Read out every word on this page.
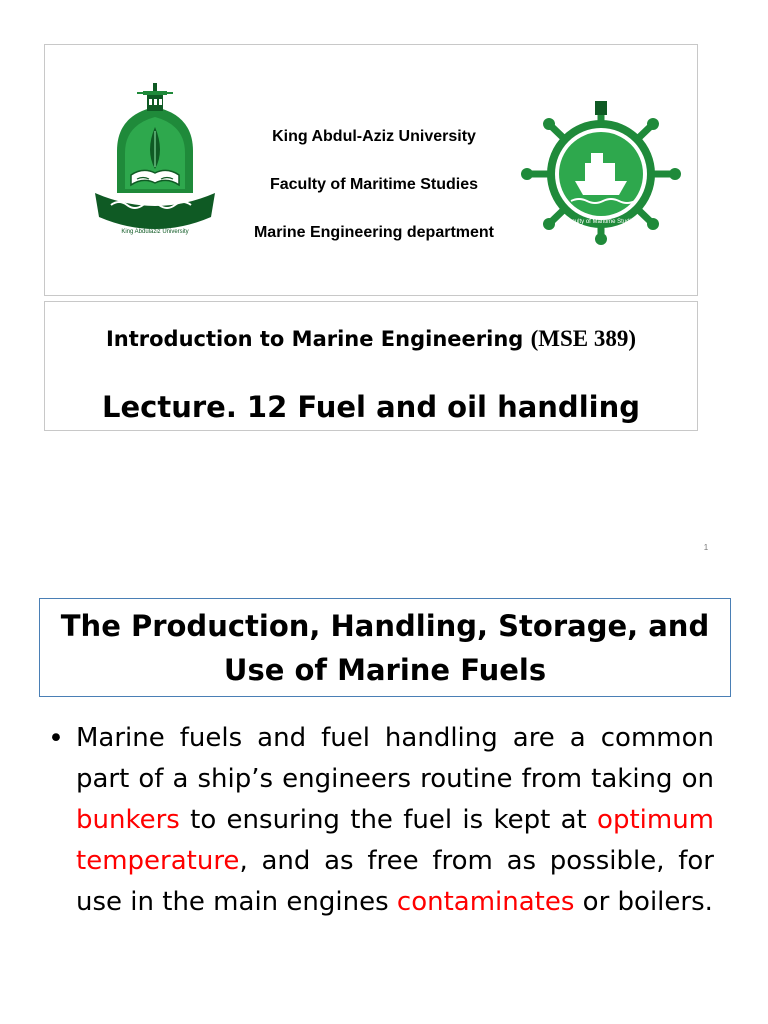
King Abdulaziz University
King Abdul-Aziz University
Faculty of Maritime Studies
Marine Engineering department
Faculty of Maritime Studies
Introduction to Marine Engineering (MSE 389)
Lecture. 12 Fuel and oil handling
1
The Production, Handling, Storage, and
Use of Marine Fuels
• Marine fuels and fuel handling are a common part of a ship’s engineers routine from taking on bunkers to ensuring the fuel is kept at optimum temperature, and as free from as possible, for use in the main engines contaminates or boilers.
